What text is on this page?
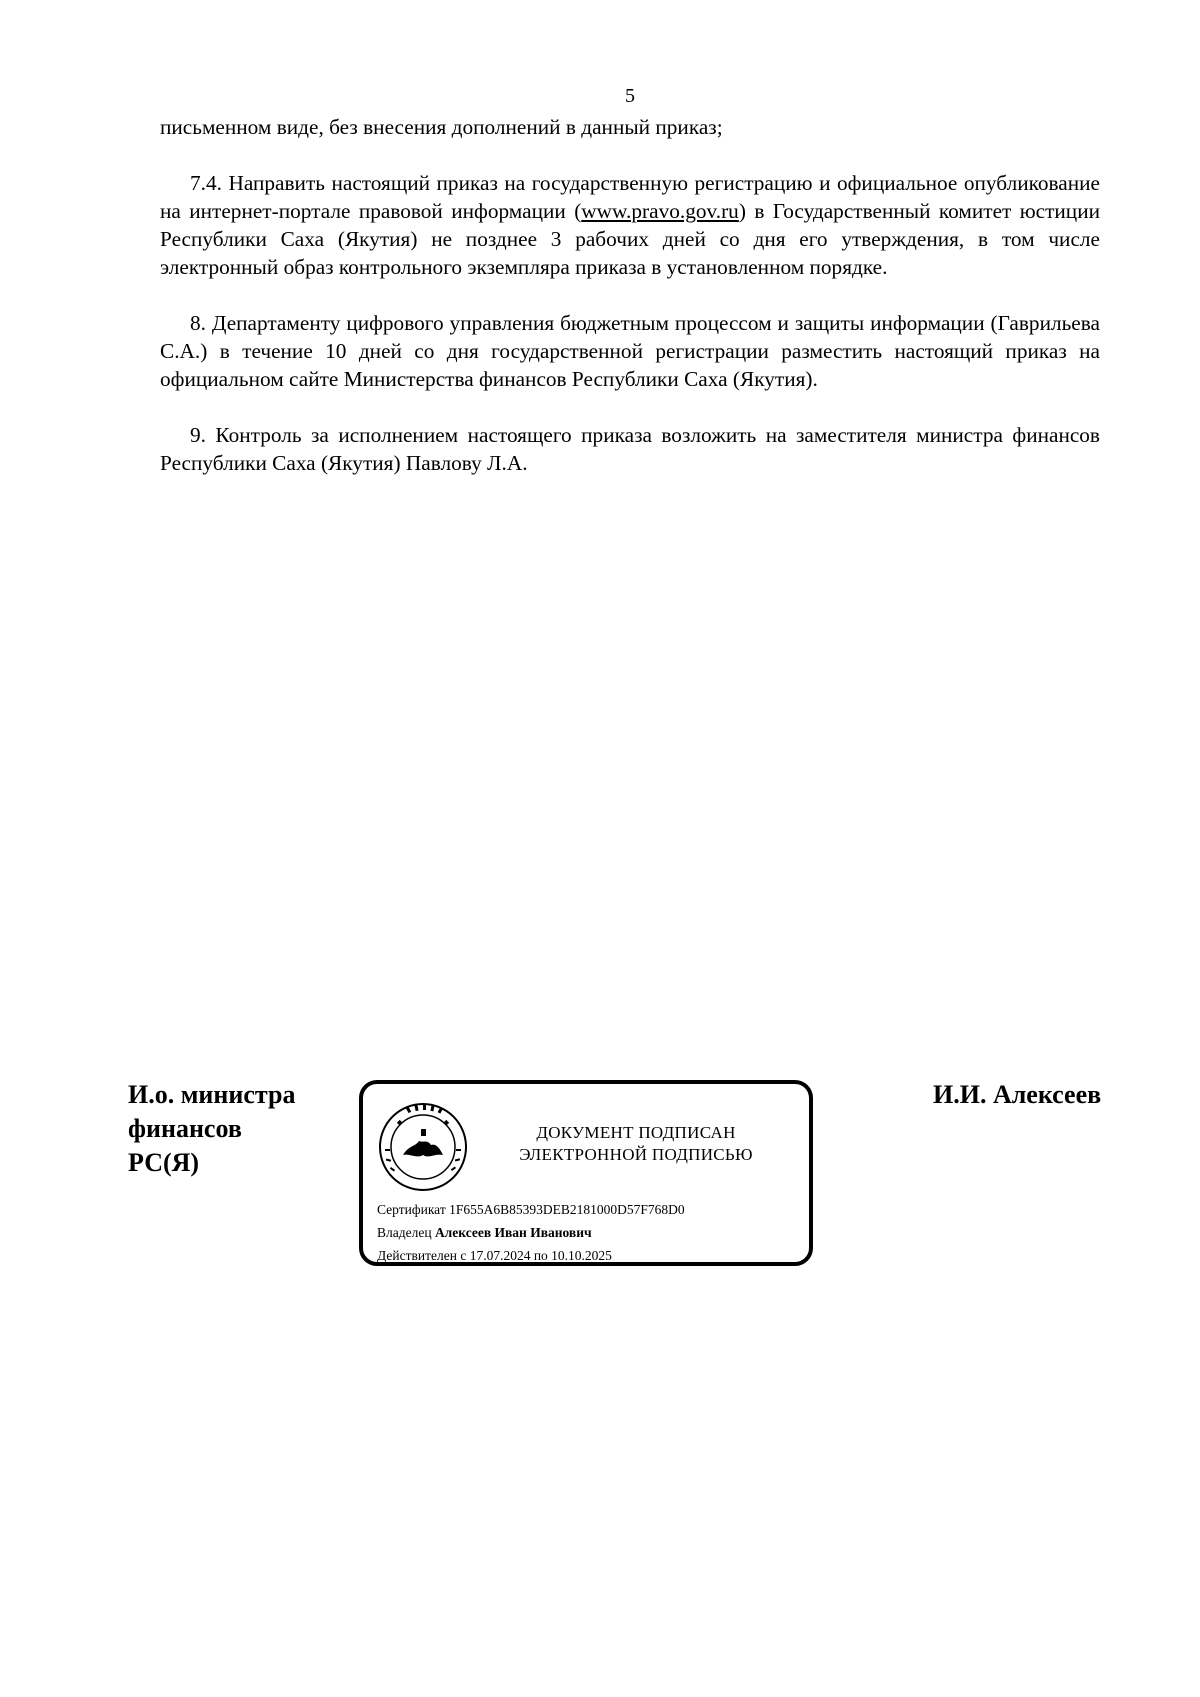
5

письменном виде, без внесения дополнений в данный приказ;

7.4. Направить настоящий приказ на государственную регистрацию и официальное опубликование на интернет-портале правовой информации (www.pravo.gov.ru) в Государственный комитет юстиции Республики Саха (Якутия) не позднее 3 рабочих дней со дня его утверждения, в том числе электронный образ контрольного экземпляра приказа в установленном порядке.

8. Департаменту цифрового управления бюджетным процессом и защиты информации (Гаврильева С.А.) в течение 10 дней со дня государственной регистрации разместить настоящий приказ на официальном сайте Министерства финансов Республики Саха (Якутия).

9. Контроль за исполнением настоящего приказа возложить на заместителя министра финансов Республики Саха (Якутия) Павлову Л.А.

И.о. министра
финансов
РС(Я)
И.И. Алексеев
ДОКУМЕНТ ПОДПИСАН
ЭЛЕКТРОННОЙ ПОДПИСЬЮ
Сертификат 1F655A6B85393DEB2181000D57F768D0
Владелец Алексеев Иван Иванович
Действителен с 17.07.2024 по 10.10.2025
